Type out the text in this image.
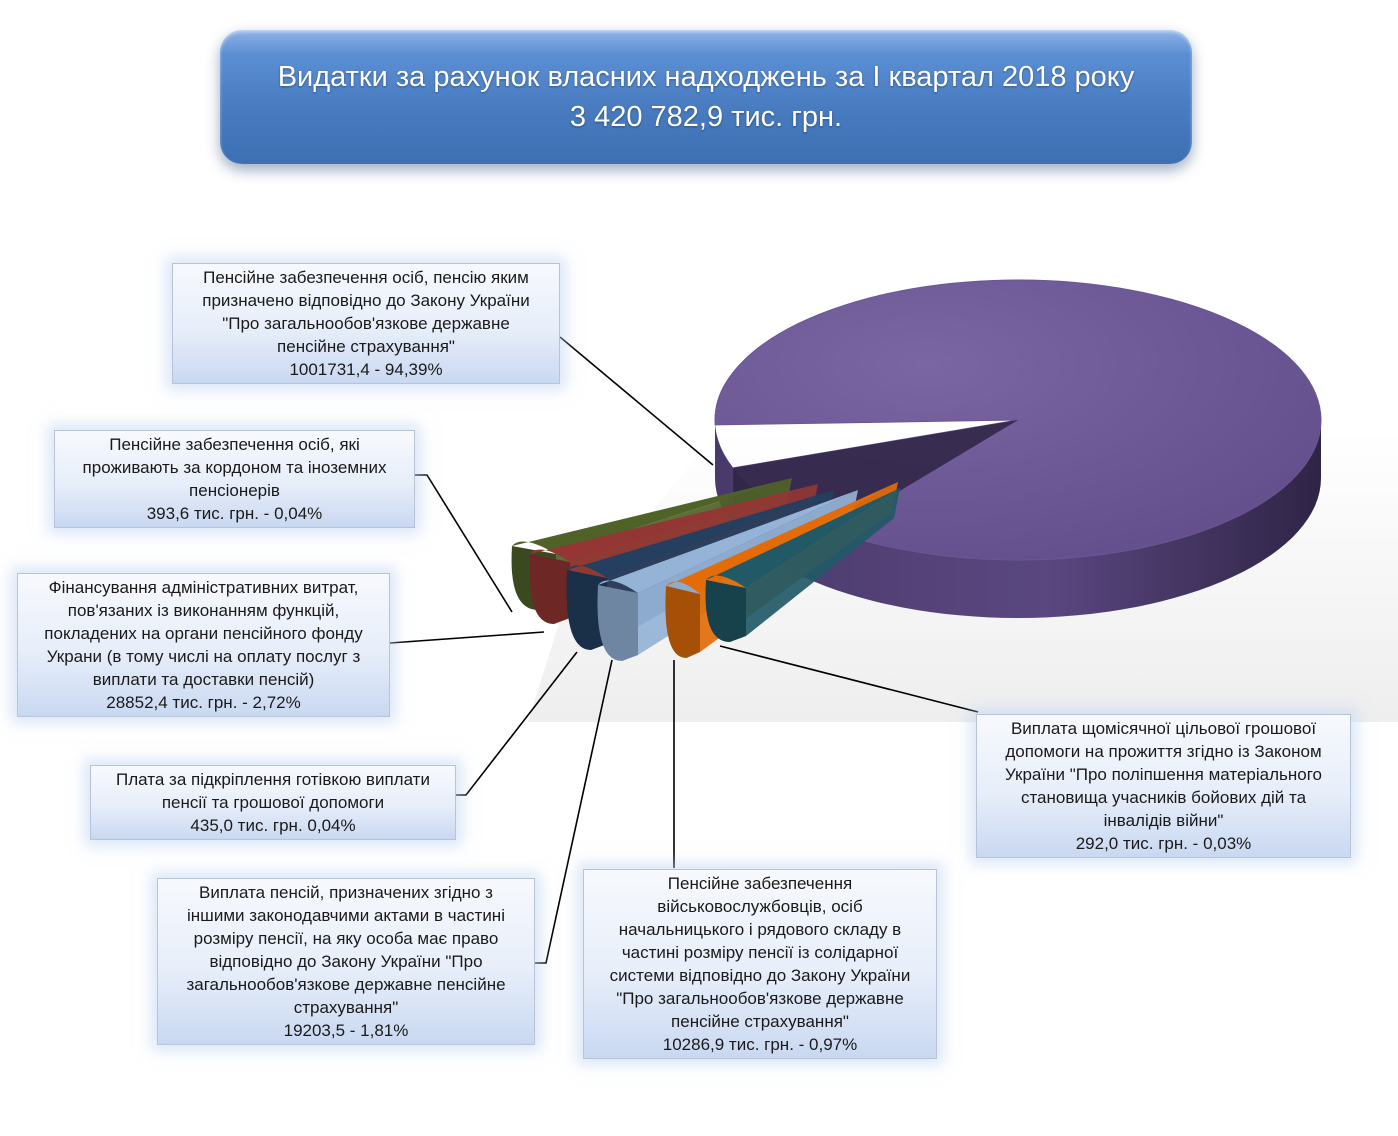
Видатки за рахунок власних надходжень за І квартал 2018 року
3 420 782,9 тис. грн.
Пенсійне забезпечення осіб, пенсію яким
призначено відповідно до Закону України
"Про загальнообов'язкове державне
пенсійне страхування"
1001731,4 - 94,39%
Пенсійне забезпечення осіб, які
проживають за кордоном та іноземних
пенсіонерів
393,6 тис. грн. - 0,04%
Фінансування адміністративних витрат,
пов'язаних із виконанням функцій,
покладених на органи пенсійного фонду
Украни (в тому числі на оплату послуг з
виплати та доставки пенсій)
28852,4 тис. грн. - 2,72%
Плата за підкріплення готівкою виплати
пенсії та грошової допомоги
435,0 тис. грн. 0,04%
Виплата пенсій, призначених згідно з
іншими законодавчими актами в частині
розміру пенсії, на яку особа має право
відповідно до Закону України "Про
загальнообов'язкове державне пенсійне
страхування"
19203,5 - 1,81%
Пенсійне забезпечення
військовослужбовців, осіб
начальницького і рядового складу в
частині розміру пенсії із солідарної
системи відповідно до Закону України
"Про загальнообов'язкове державне
пенсійне страхування"
10286,9 тис. грн. - 0,97%
Виплата щомісячної цільової грошової
допомоги на прожиття згідно із Законом
України "Про поліпшення матеріального
становища учасників бойових дій та
інвалідів війни"
292,0 тис. грн. - 0,03%
